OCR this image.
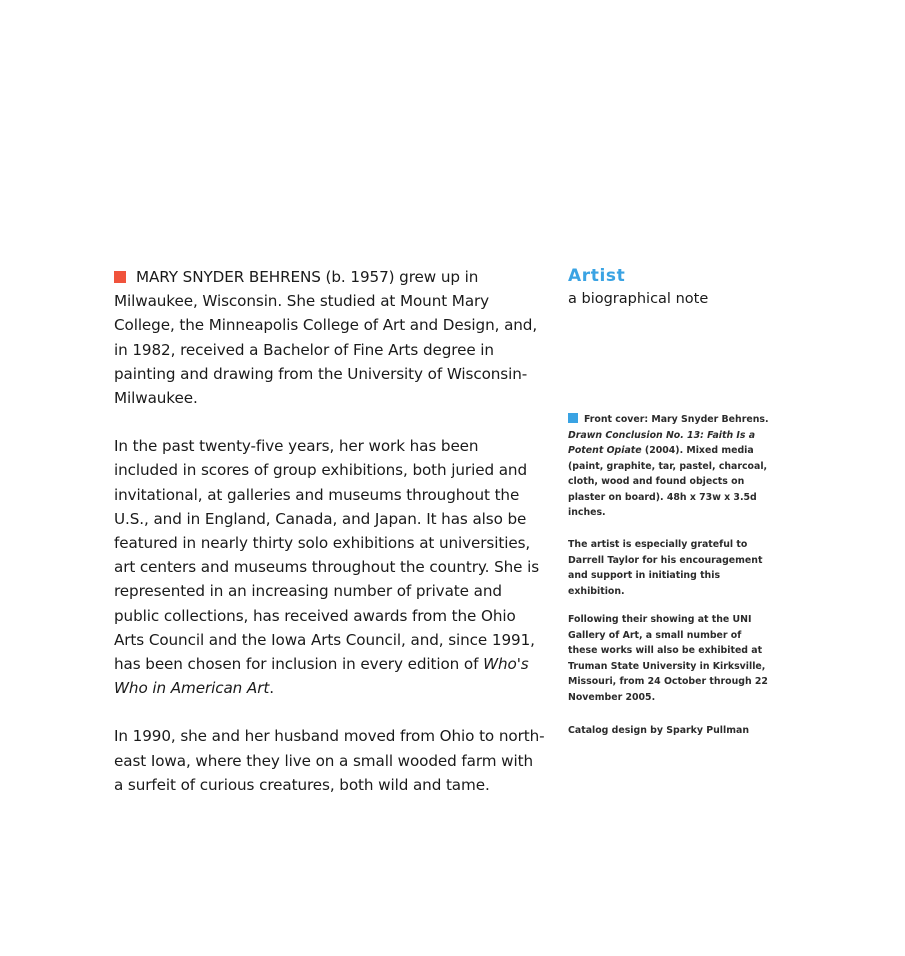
MARY SNYDER BEHRENS (b. 1957) grew up in Milwaukee, Wisconsin. She studied at Mount Mary College, the Minneapolis College of Art and Design, and, in 1982, received a Bachelor of Fine Arts degree in painting and drawing from the University of Wisconsin-Milwaukee.

In the past twenty-five years, her work has been included in scores of group exhibitions, both juried and invitational, at galleries and museums throughout the U.S., and in England, Canada, and Japan. It has also be featured in nearly thirty solo exhibitions at universities, art centers and museums throughout the country. She is represented in an increasing number of private and public collections, has received awards from the Ohio Arts Council and the Iowa Arts Council, and, since 1991, has been chosen for inclusion in every edition of Who's Who in American Art.

In 1990, she and her husband moved from Ohio to north-east Iowa, where they live on a small wooded farm with a surfeit of curious creatures, both wild and tame.

Artist
a biographical note

Front cover: Mary Snyder Behrens.
Drawn Conclusion No. 13: Faith Is a Potent Opiate (2004). Mixed media (paint, graphite, tar, pastel, charcoal, cloth, wood and found objects on plaster on board). 48h x 73w x 3.5d inches.

The artist is especially grateful to Darrell Taylor for his encouragement and support in initiating this exhibition.

Following their showing at the UNI Gallery of Art, a small number of these works will also be exhibited at Truman State University in Kirksville, Missouri, from 24 October through 22 November 2005.

Catalog design by Sparky Pullman
